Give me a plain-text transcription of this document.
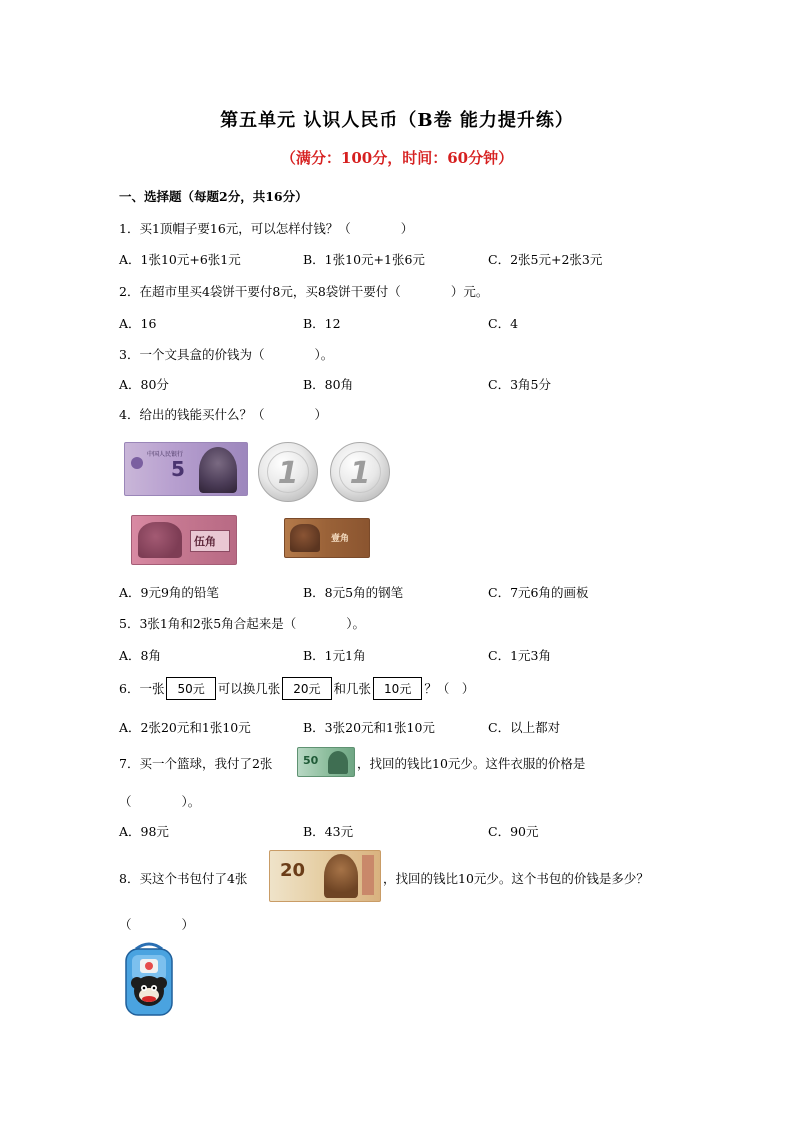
第五单元 认识人民币（B卷 能力提升练）
（满分：100分，时间：60分钟）
一、选择题（每题2分，共16分）
1．买1顶帽子要16元，可以怎样付钱？（　　　　）
A．1张10元+6张1元	B．1张10元+1张6元	C．2张5元+2张3元
2．在超市里买4袋饼干要付8元，买8袋饼干要付（　　　　）元。
A．16	B．12	C．4
3．一个文具盒的价钱为（　　　　）。
A．80分	B．80角	C．3角5分
4．给出的钱能买什么？（　　　　）
中国人民银行
5	1	1
伍角	壹角
A．9元9角的铅笔	B．8元5角的钢笔	C．7元6角的画板
5．3张1角和2张5角合起来是（　　　　）。
A．8角	B．1元1角	C．1元3角
6．一张 50元 可以换几张 20元 和几张 10元 ？（　）
A．2张20元和1张10元	B．3张20元和1张10元	C．以上都对
7．买一个篮球，我付了2张	50	，找回的钱比10元少。这件衣服的价格是
（　　　　）。
A．98元	B．43元	C．90元
8．买这个书包付了4张 20	，找回的钱比10元少。这个书包的价钱是多少？
（　　　　）
